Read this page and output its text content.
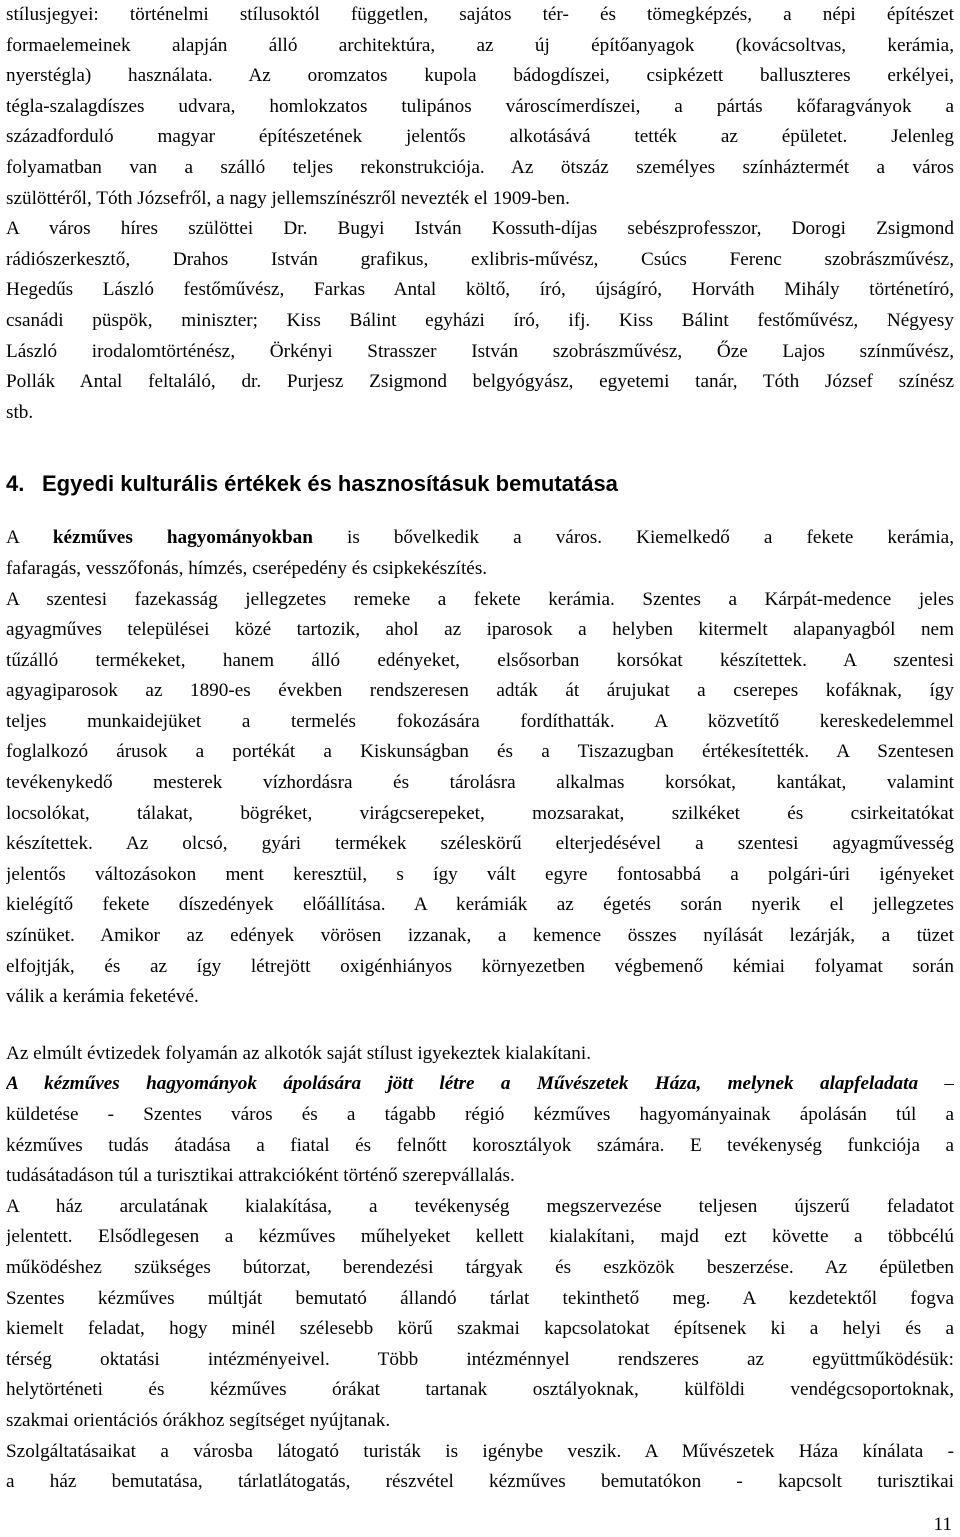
stílusjegyei: történelmi stílusoktól független, sajátos tér- és tömegképzés, a népi építészet
formaelemeinek alapján álló architektúra, az új építőanyagok (kovácsoltvas, kerámia,
nyerstégla) használata. Az oromzatos kupola bádogdíszei, csipkézett balluszteres erkélyei,
tégla-szalagdíszes udvara, homlokzatos tulipános városcímerdíszei, a pártás kőfaragványok a
századforduló magyar építészetének jelentős alkotásává tették az épületet. Jelenleg
folyamatban van a szálló teljes rekonstrukciója. Az ötszáz személyes színháztermét a város
szülöttéről, Tóth Józsefről, a nagy jellemszínészről nevezték el 1909-ben.
A város híres szülöttei Dr. Bugyi István Kossuth-díjas sebészprofesszor, Dorogi Zsigmond
rádiószerkesztő, Drahos István grafikus, exlibris-művész, Csúcs Ferenc szobrászművész,
Hegedűs László festőművész, Farkas Antal költő, író, újságíró, Horváth Mihály történetíró,
csanádi püspök, miniszter; Kiss Bálint egyházi író, ifj. Kiss Bálint festőművész, Négyesy
László irodalomtörténész, Örkényi Strasszer István szobrászművész, Őze Lajos színművész,
Pollák Antal feltaláló, dr. Purjesz Zsigmond belgyógyász, egyetemi tanár, Tóth József színész
stb.
4. Egyedi kulturális értékek és hasznosításuk bemutatása
A kézműves hagyományokban is bővelkedik a város. Kiemelkedő a fekete kerámia,
fafaragás, vesszőfonás, hímzés, cserépedény és csipkekészítés.
A szentesi fazekasság jellegzetes remeke a fekete kerámia. Szentes a Kárpát-medence jeles
agyagműves települései közé tartozik, ahol az iparosok a helyben kitermelt alapanyagból nem
tűzálló termékeket, hanem álló edényeket, elsősorban korsókat készítettek. A szentesi
agyagiparosok az 1890-es években rendszeresen adták át árujukat a cserepes kofáknak, így
teljes munkaidejüket a termelés fokozására fordíthatták. A közvetítő kereskedelemmel
foglalkozó árusok a portékát a Kiskunságban és a Tiszazugban értékesítették. A Szentesen
tevékenykedő mesterek vízhordásra és tárolásra alkalmas korsókat, kantákat, valamint
locsolókat, tálakat, bögréket, virágcserepeket, mozsarakat, szilkéket és csirkeitatókat
készítettek. Az olcsó, gyári termékek széleskörű elterjedésével a szentesi agyagművesség
jelentős változásokon ment keresztül, s így vált egyre fontosabbá a polgári-úri igényeket
kielégítő fekete díszedények előállítása. A kerámiák az égetés során nyerik el jellegzetes
színüket. Amikor az edények vörösen izzanak, a kemence összes nyílását lezárják, a tüzet
elfojtják, és az így létrejött oxigénhiányos környezetben végbemenő kémiai folyamat során
válik a kerámia feketévé.
Az elmúlt évtizedek folyamán az alkotók saját stílust igyekeztek kialakítani.
A kézműves hagyományok ápolására jött létre a Művészetek Háza, melynek alapfeladata –
küldetése - Szentes város és a tágabb régió kézműves hagyományainak ápolásán túl a
kézműves tudás átadása a fiatal és felnőtt korosztályok számára. E tevékenység funkciója a
tudásátadáson túl a turisztikai attrakcióként történő szerepvállalás.
A ház arculatának kialakítása, a tevékenység megszervezése teljesen újszerű feladatot
jelentett. Elsődlegesen a kézműves műhelyeket kellett kialakítani, majd ezt követte a többcélú
működéshez szükséges bútorzat, berendezési tárgyak és eszközök beszerzése. Az épületben
Szentes kézműves múltját bemutató állandó tárlat tekinthető meg. A kezdetektől fogva
kiemelt feladat, hogy minél szélesebb körű szakmai kapcsolatokat építsenek ki a helyi és a
térség oktatási intézményeivel. Több intézménnyel rendszeres az együttműködésük:
helytörténeti és kézműves órákat tartanak osztályoknak, külföldi vendégcsoportoknak,
szakmai orientációs órákhoz segítséget nyújtanak.
Szolgáltatásaikat a városba látogató turisták is igénybe veszik. A Művészetek Háza kínálata -
a ház bemutatása, tárlatlátogatás, részvétel kézműves bemutatókon - kapcsolt turisztikai
11
